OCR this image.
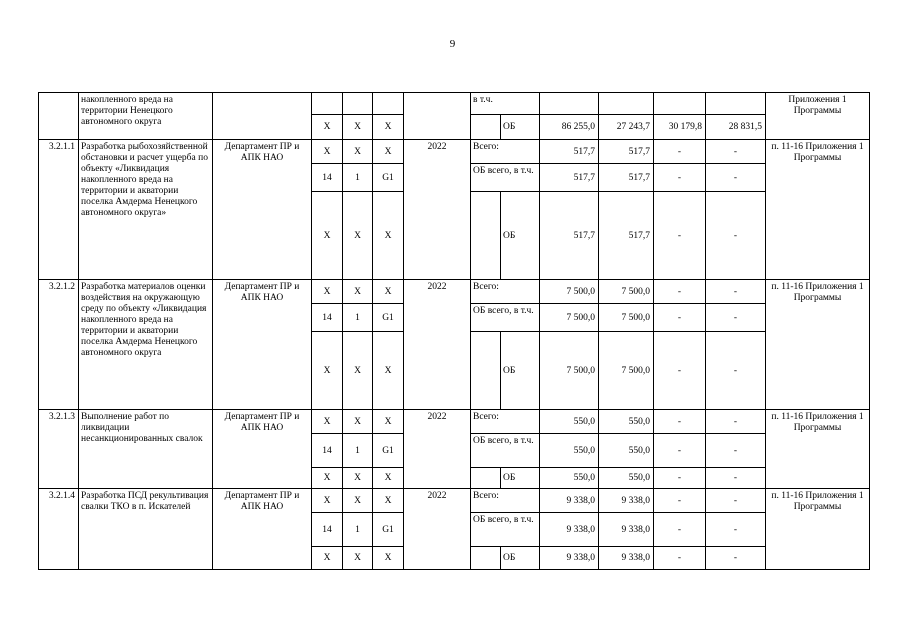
9
	накопленного вреда на территории Ненецкого автономного округа						в т.ч.						Приложения 1 Программы
			Х	Х	Х			ОБ	86 255,0	27 243,7	30 179,8	28 831,5	
3.2.1.1	Разработка рыбохозяйственной обстановки и расчет ущерба по объекту «Ликвидация накопленного вреда на территории и акватории поселка Амдерма Ненецкого автономного округа»	Департамент ПР и АПК НАО	Х	Х	Х	2022	Всего:		517,7	517,7	-	-	п. 11-16 Приложения 1 Программы
			14	1	G1		ОБ всего, в т.ч.		517,7	517,7	-	-	
			Х	Х	Х			ОБ	517,7	517,7	-	-	
3.2.1.2	Разработка материалов оценки воздействия на окружающую среду по объекту «Ликвидация накопленного вреда на территории и акватории поселка Амдерма Ненецкого автономного округа	Департамент ПР и АПК НАО	Х	Х	Х	2022	Всего:		7 500,0	7 500,0	-	-	п. 11-16 Приложения 1 Программы
			14	1	G1		ОБ всего, в т.ч.		7 500,0	7 500,0	-	-	
			Х	Х	Х			ОБ	7 500,0	7 500,0	-	-	
3.2.1.3	Выполнение работ по ликвидации несанкционированных свалок	Департамент ПР и АПК НАО	Х	Х	Х	2022	Всего:		550,0	550,0	-	-	п. 11-16 Приложения 1 Программы
			14	1	G1		ОБ всего, в т.ч.		550,0	550,0	-	-	
			Х	Х	Х			ОБ	550,0	550,0	-	-	
3.2.1.4	Разработка ПСД рекультивация свалки ТКО в п. Искателей	Департамент ПР и АПК НАО	Х	Х	Х	2022	Всего:		9 338,0	9 338,0	-	-	п. 11-16 Приложения 1 Программы
			14	1	G1		ОБ всего, в т.ч.		9 338,0	9 338,0	-	-	
			Х	Х	Х			ОБ	9 338,0	9 338,0	-	-	
